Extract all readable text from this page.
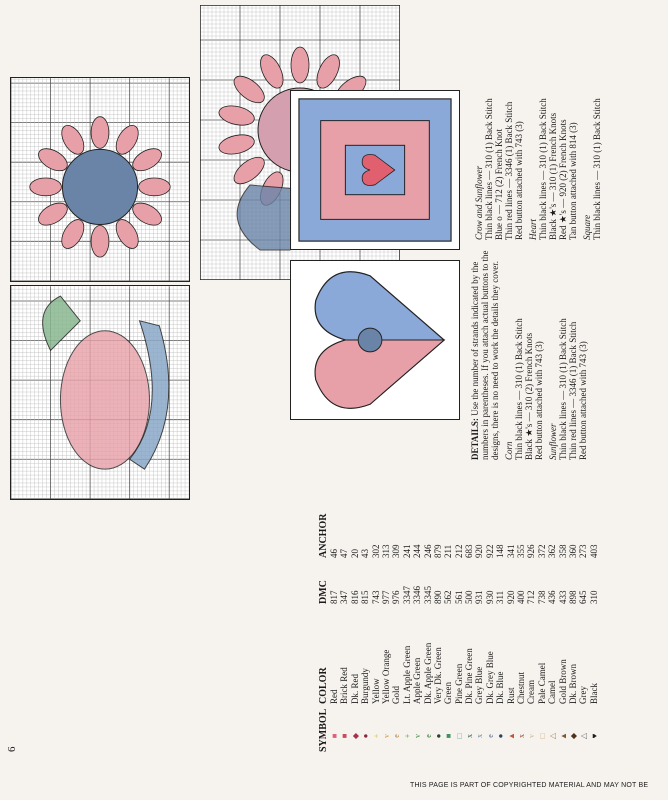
SYMBOL
COLOR
DMC
ANCHOR
■
Red
817
46
■
Brick Red
347
47
◆
Dk. Red
816
20
●
Burgundy
815
43
+
Yellow
743
302
v
Yellow Orange
977
313
e
Gold
976
309
+
Lt. Apple Green
3347
241
v
Apple Green
3346
244
e
Dk. Apple Green
3345
246
●
Very Dk. Green
890
879
■
Green
562
211
□
Pine Green
561
212
x
Dk. Pine Green
500
683
x
Grey Blue
931
920
e
Dk. Grey Blue
930
922
●
Dk. Blue
311
148
▲
Rust
920
341
x
Chestnut
400
355
v
Cream
712
926
□
Pale Camel
738
372
△
Camel
436
362
▲
Gold Brown
433
358
◆
Dk. Brown
898
360
△
Grey
645
273
♥
Black
310
403

DETAILS: Use the number of strands indicated by the numbers in parentheses. If you attach actual buttons to the designs, there is no need to work the details they cover. Corn Thin black lines — 310 (1) Back Stitch Black ★'s — 310 (2) French Knots Red button attached with 743 (3) Sunflower Thin black lines — 310 (1) Back Stitch Thin red lines — 3346 (1) Back Stitch Red button attached with 743 (3)

Crow and Sunflower Thin black lines — 310 (1) Back Stitch Blue o — 712 (2) French Knot Thin red lines — 3346 (1) Back Stitch Red button attached with 743 (3) Heart Thin black lines — 310 (1) Back Stitch Black ★'s — 310 (1) French Knots Red ★'s — 920 (2) French Knots Tan button attached with 814 (3) Square Thin black lines — 310 (1) Back Stitch

6
THIS PAGE IS PART OF COPYRIGHTED MATERIAL AND MAY NOT BE
